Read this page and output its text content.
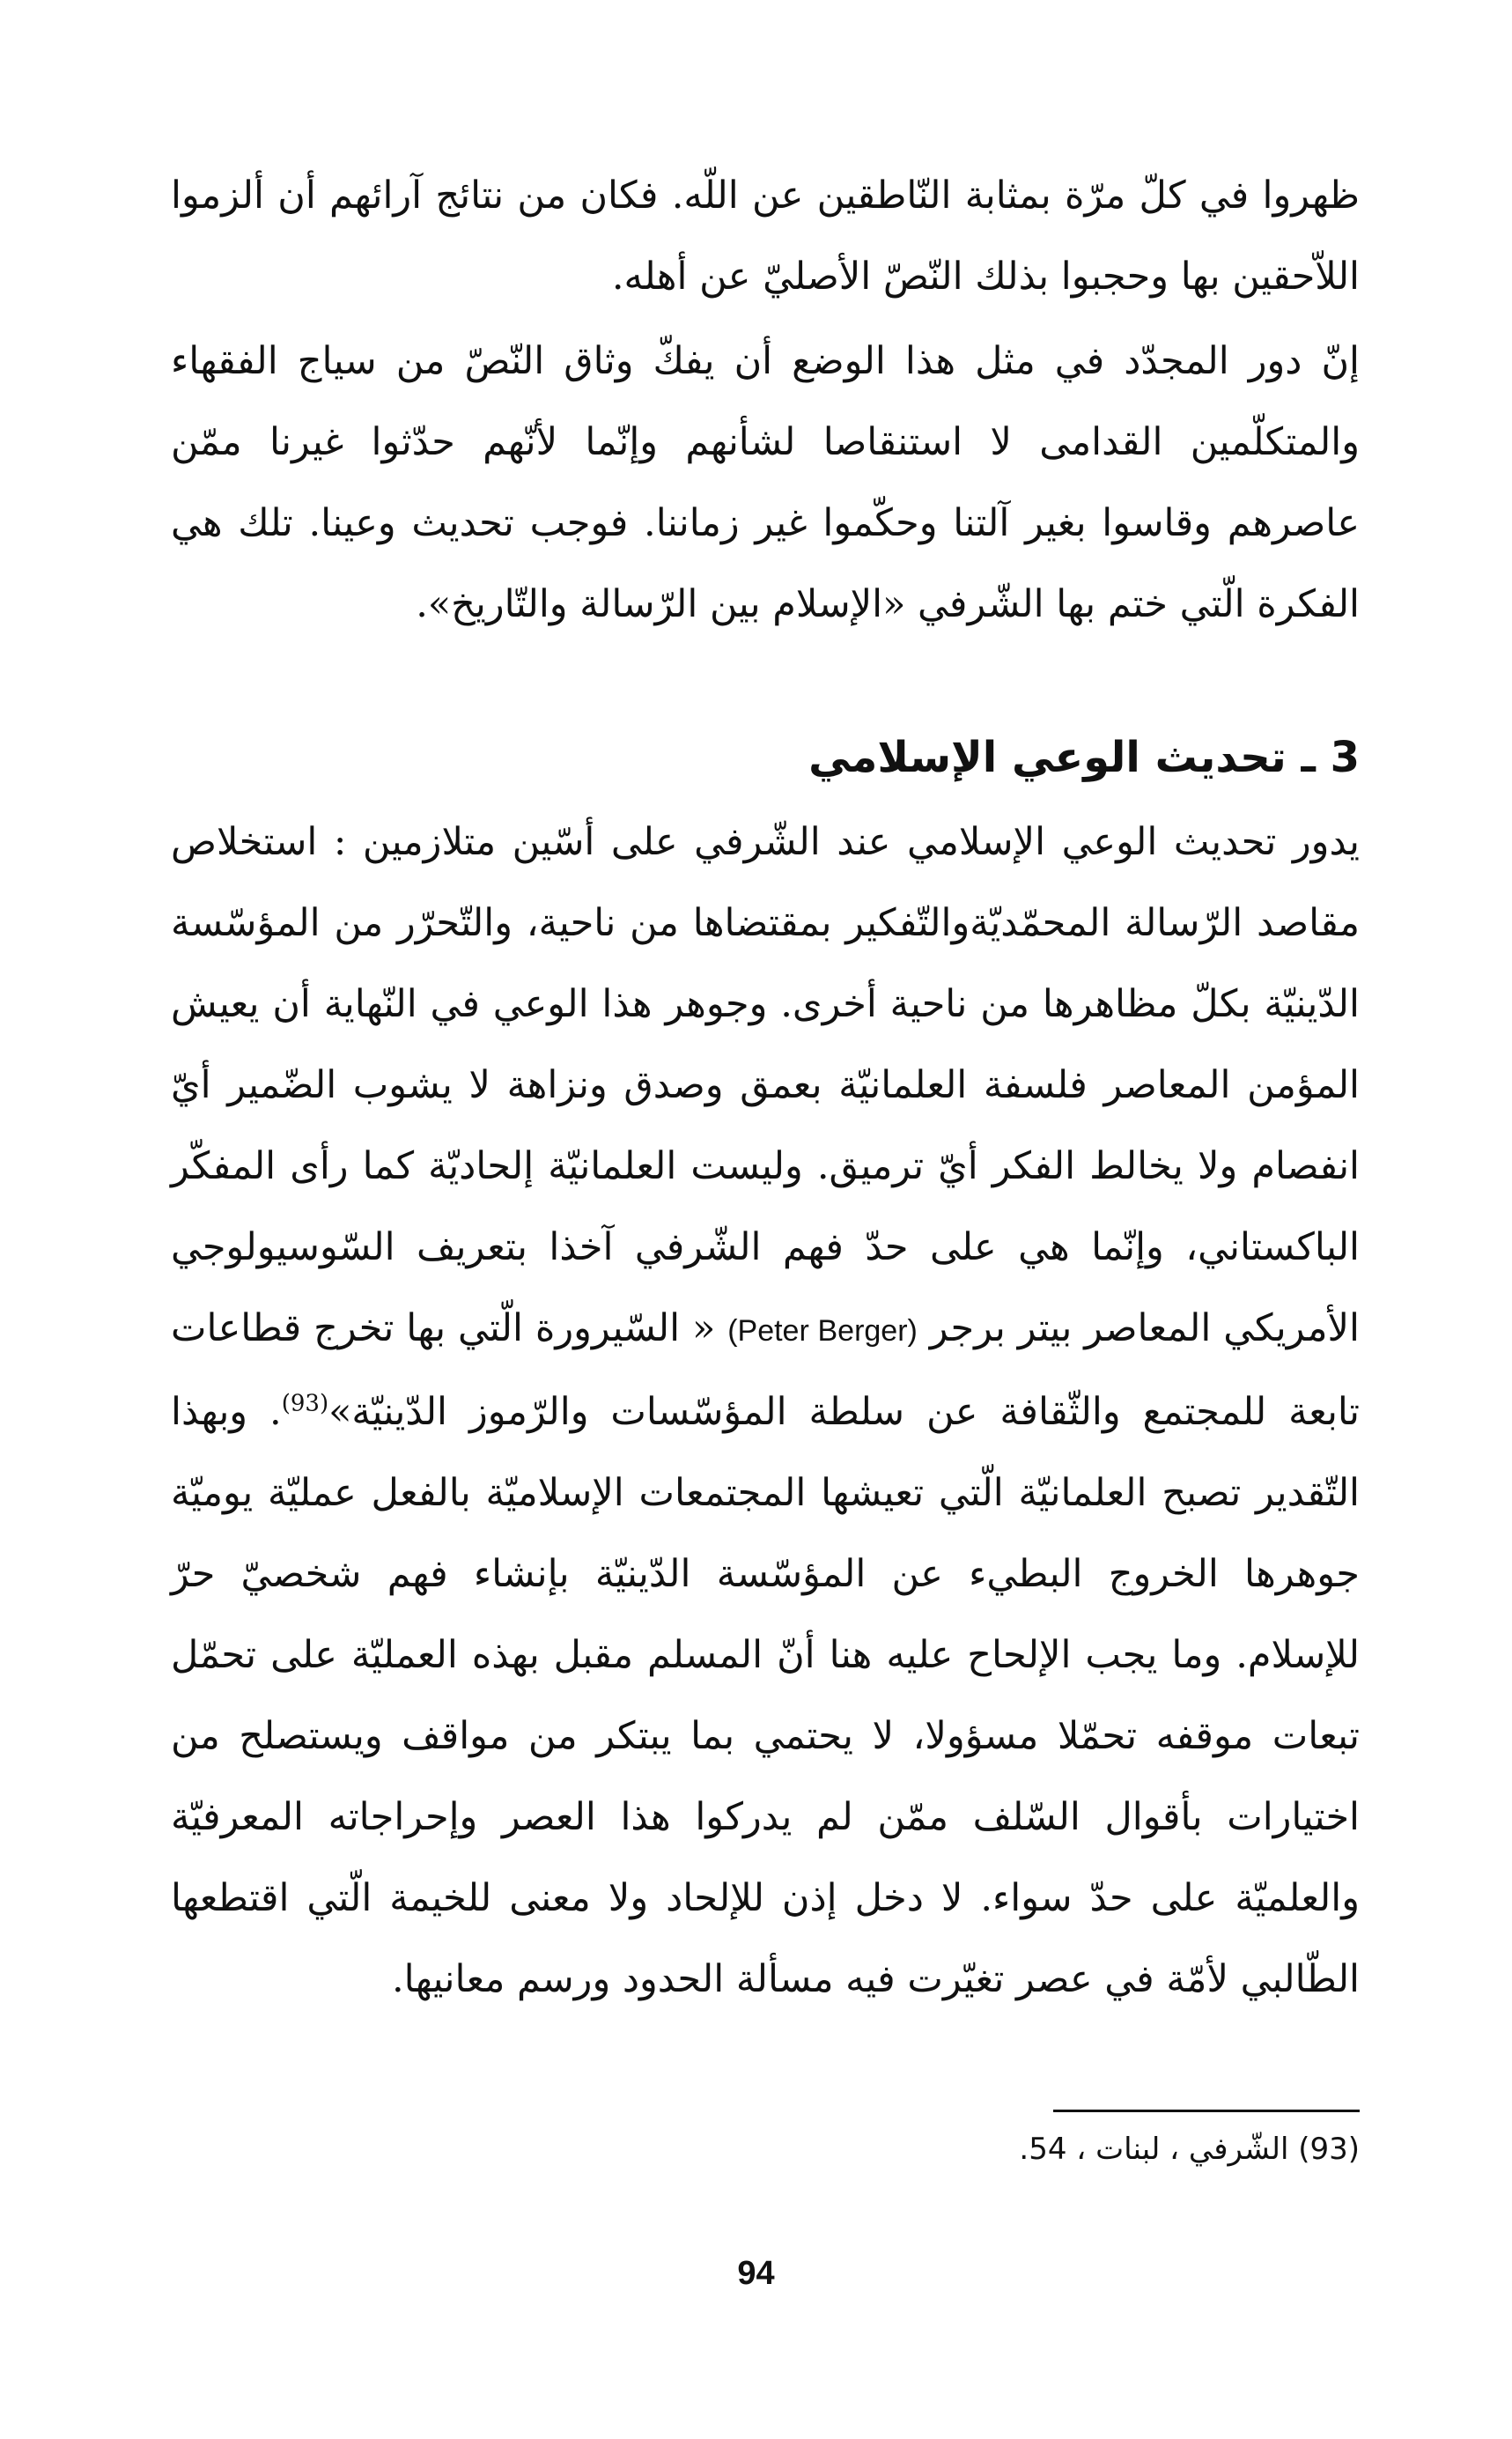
ظهروا في كلّ مرّة بمثابة النّاطقين عن اللّه. فكان من نتائج آرائهم أن ألزموا اللاّحقين بها وحجبوا بذلك النّصّ الأصليّ عن أهله.

إنّ دور المجدّد في مثل هذا الوضع أن يفكّ وثاق النّصّ من سياج الفقهاء والمتكلّمين القدامى لا استنقاصا لشأنهم وإنّما لأنّهم حدّثوا غيرنا ممّن عاصرهم وقاسوا بغير آلتنا وحكّموا غير زماننا. فوجب تحديث وعينا. تلك هي الفكرة الّتي ختم بها الشّرفي «الإسلام بين الرّسالة والتّاريخ».

3 ـ تحديث الوعي الإسلامي

يدور تحديث الوعي الإسلامي عند الشّرفي على أسّين متلازمين : استخلاص مقاصد الرّسالة المحمّديّةوالتّفكير بمقتضاها من ناحية، والتّحرّر من المؤسّسة الدّينيّة بكلّ مظاهرها من ناحية أخرى. وجوهر هذا الوعي في النّهاية أن يعيش المؤمن المعاصر فلسفة العلمانيّة بعمق وصدق ونزاهة لا يشوب الضّمير أيّ انفصام ولا يخالط الفكر أيّ ترميق. وليست العلمانيّة إلحاديّة كما رأى المفكّر الباكستاني، وإنّما هي على حدّ فهم الشّرفي آخذا بتعريف السّوسيولوجي الأمريكي المعاصر بيتر برجر (Peter Berger) « السّيرورة الّتي بها تخرج قطاعات تابعة للمجتمع والثّقافة عن سلطة المؤسّسات والرّموز الدّينيّة»$^{(93)}$. وبهذا التّقدير تصبح العلمانيّة الّتي تعيشها المجتمعات الإسلاميّة بالفعل عمليّة يوميّة جوهرها الخروج البطيء عن المؤسّسة الدّينيّة بإنشاء فهم شخصيّ حرّ للإسلام. وما يجب الإلحاح عليه هنا أنّ المسلم مقبل بهذه العمليّة على تحمّل تبعات موقفه تحمّلا مسؤولا، لا يحتمي بما يبتكر من مواقف ويستصلح من اختيارات بأقوال السّلف ممّن لم يدركوا هذا العصر وإحراجاته المعرفيّة والعلميّة على حدّ سواء. لا دخل إذن للإلحاد ولا معنى للخيمة الّتي اقتطعها الطّالبي لأمّة في عصر تغيّرت فيه مسألة الحدود ورسم معانيها.

(93) الشّرفي ، لبنات ، 54.

94
